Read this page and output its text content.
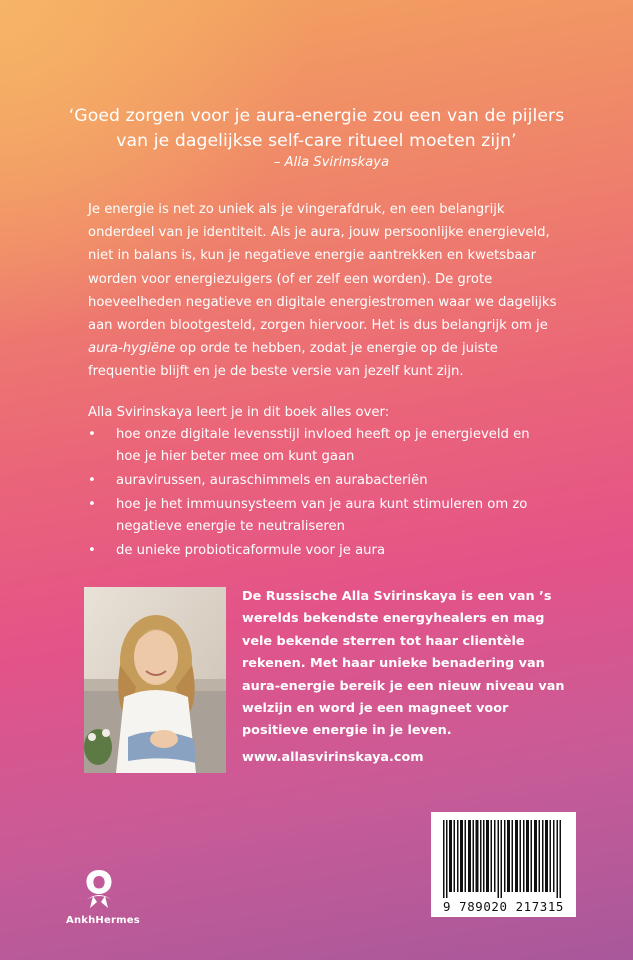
‘Goed zorgen voor je aura-energie zou een van de pijlers
van je dagelijkse self-care ritueel moeten zijn’
– Alla Svirinskaya

Je energie is net zo uniek als je vingerafdruk, en een belangrijk onderdeel van je identiteit. Als je aura, jouw persoonlijke energieveld, niet in balans is, kun je negatieve energie aantrekken en kwetsbaar worden voor energiezuigers (of er zelf een worden). De grote hoeveelheden negatieve en digitale energiestromen waar we dagelijks aan worden blootgesteld, zorgen hiervoor. Het is dus belangrijk om je aura-hygiëne op orde te hebben, zodat je energie op de juiste frequentie blijft en je de beste versie van jezelf kunt zijn.

Alla Svirinskaya leert je in dit boek alles over:

• hoe onze digitale levensstijl invloed heeft op je energieveld en hoe je hier beter mee om kunt gaan
• auravirussen, auraschimmels en aurabacteriën
• hoe je het immuunsysteem van je aura kunt stimuleren om zo negatieve energie te neutraliseren
• de unieke probioticaformule voor je aura

De Russische Alla Svirinskaya is een van ’s werelds bekendste energyhealers en mag vele bekende sterren tot haar clientèle rekenen. Met haar unieke benadering van aura-energie bereik je een nieuw niveau van welzijn en word je een magneet voor positieve energie in je leven.

www.allasvirinskaya.com

AnkhHermes
9 789020 217315
